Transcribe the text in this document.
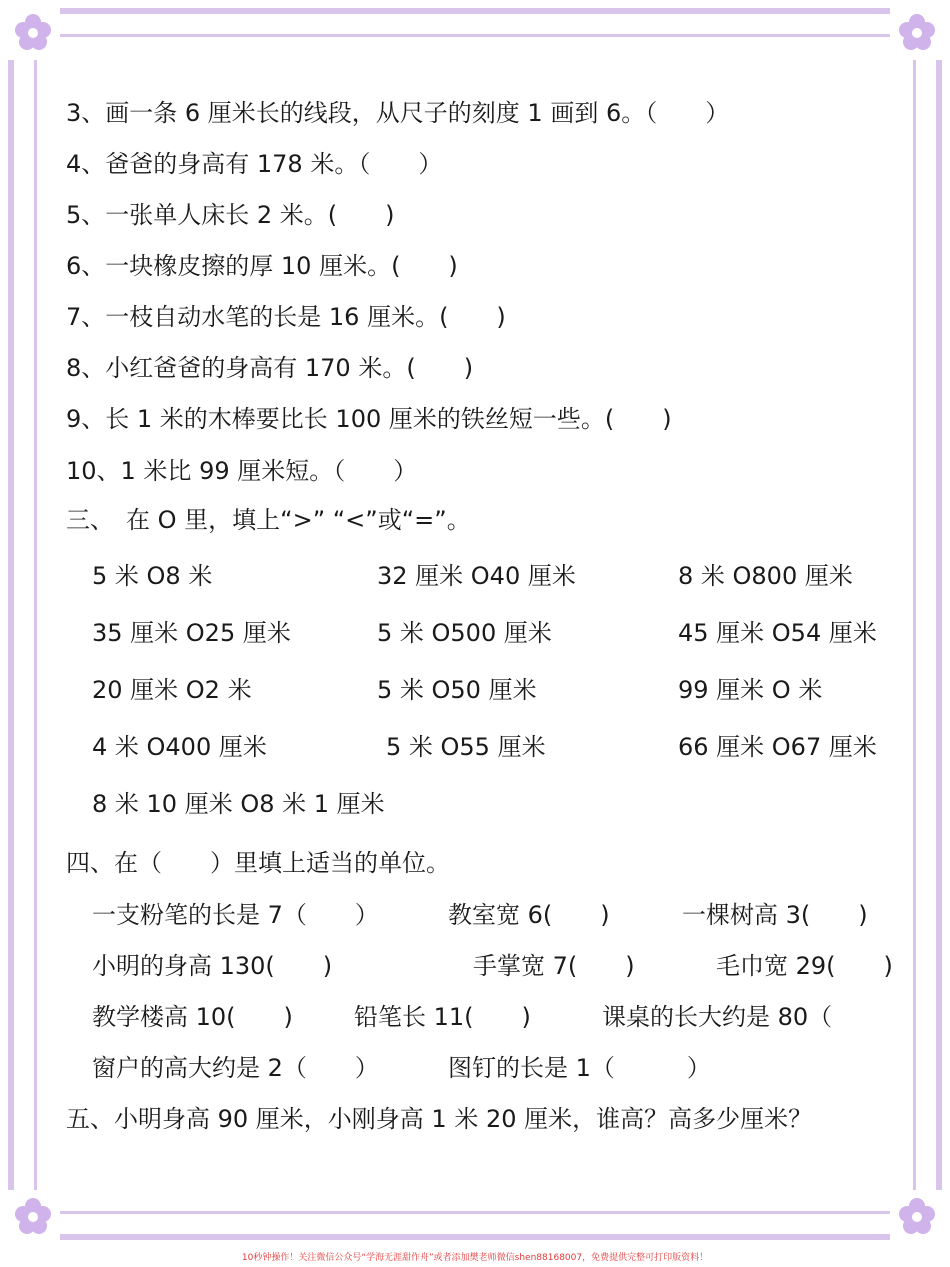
3、画一条 6 厘米长的线段，从尺子的刻度 1 画到 6。（　　）
4、爸爸的身高有 178 米。（　　）
5、一张单人床长 2 米。(　　)
6、一块橡皮擦的厚 10 厘米。(　　)
7、一枝自动水笔的长是 16 厘米。(　　)
8、小红爸爸的身高有 170 米。(　　)
9、长 1 米的木棒要比长 100 厘米的铁丝短一些。(　　)
10、1 米比 99 厘米短。（　　）
三、　在 O 里，填上“>” “<”或“=”。
5 米 O8 米	32 厘米 O40 厘米	8 米 O800 厘米
35 厘米 O25 厘米	5 米 O500 厘米	45 厘米 O54 厘米
20 厘米 O2 米	5 米 O50 厘米	99 厘米 O 米
4 米 O400 厘米	5 米 O55 厘米	66 厘米 O67 厘米
8 米 10 厘米 O8 米 1 厘米
四、在（　　）里填上适当的单位。
一支粉笔的长是 7（　　）	教室宽 6(　　)	一棵树高 3(　　)
小明的身高 130(　　)	手掌宽 7(　　)	毛巾宽 29(　　)
教学楼高 10(　　)	铅笔长 11(　　)	课桌的长大约是 80（
窗户的高大约是 2（　　）	图钉的长是 1（　　　）
五、小明身高 90 厘米，小刚身高 1 米 20 厘米，谁高？高多少厘米？
10秒钟操作！关注微信公众号“学海无涯甜作舟”或者添加樊老师微信shen88168007，免费提供完整可打印版资料！
